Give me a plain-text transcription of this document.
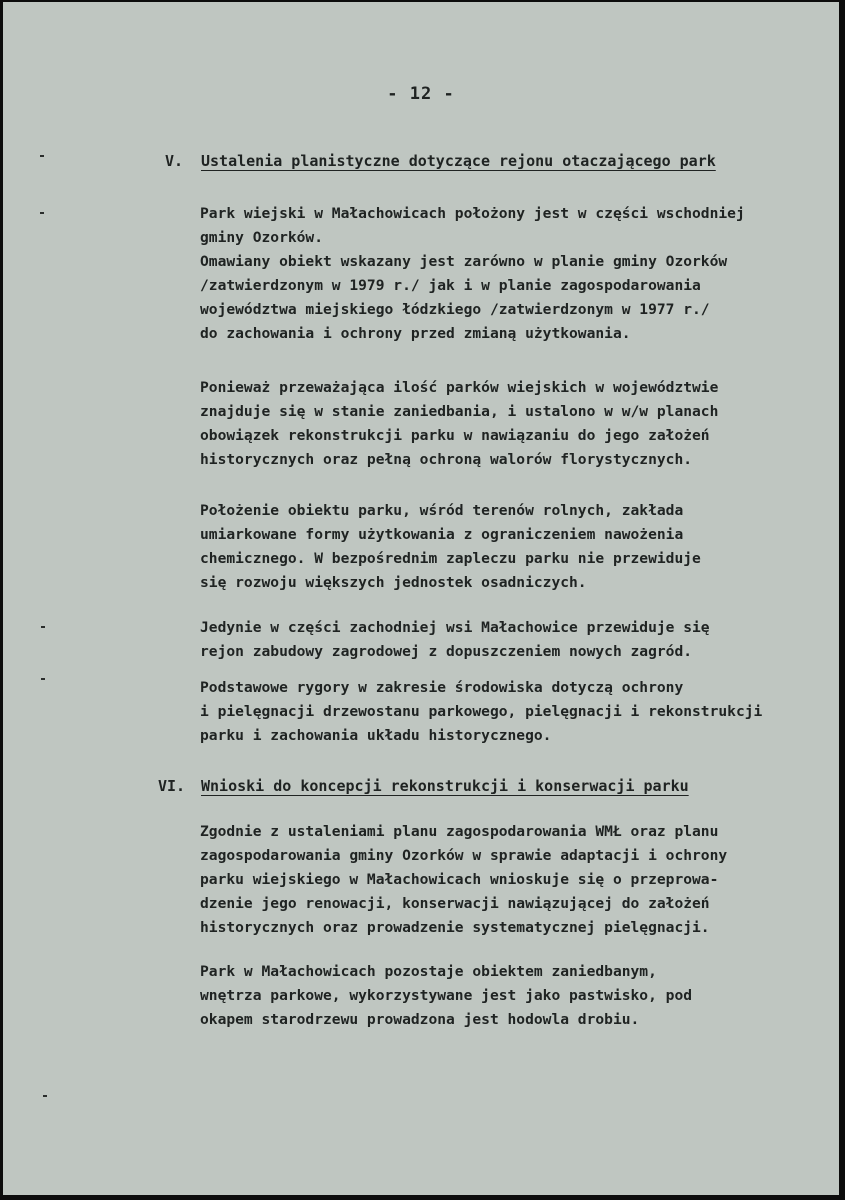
- 12 -
V. Ustalenia planistyczne dotyczące rejonu otaczającego park
Park wiejski w Małachowicach położony jest w części wschodniej
gminy Ozorków.
Omawiany obiekt wskazany jest zarówno w planie gminy Ozorków
/zatwierdzonym w 1979 r./ jak i w planie zagospodarowania
województwa miejskiego łódzkiego /zatwierdzonym w 1977 r./
do zachowania i ochrony przed zmianą użytkowania.
Ponieważ przeważająca ilość parków wiejskich w województwie
znajduje się w stanie zaniedbania, i ustalono w w/w planach
obowiązek rekonstrukcji parku w nawiązaniu do jego założeń
historycznych oraz pełną ochroną walorów florystycznych.
Położenie obiektu parku, wśród terenów rolnych, zakłada
umiarkowane formy użytkowania z ograniczeniem nawożenia
chemicznego. W bezpośrednim zapleczu parku nie przewiduje
się rozwoju większych jednostek osadniczych.
Jedynie w części zachodniej wsi Małachowice przewiduje się
rejon zabudowy zagrodowej z dopuszczeniem nowych zagród.
Podstawowe rygory w zakresie środowiska dotyczą ochrony
i pielęgnacji drzewostanu parkowego, pielęgnacji i rekonstrukcji
parku i zachowania układu historycznego.
VI. Wnioski do koncepcji rekonstrukcji i konserwacji parku
Zgodnie z ustaleniami planu zagospodarowania WMŁ oraz planu
zagospodarowania gminy Ozorków w sprawie adaptacji i ochrony
parku wiejskiego w Małachowicach wnioskuje się o przeprowa-
dzenie jego renowacji, konserwacji nawiązującej do założeń
historycznych oraz prowadzenie systematycznej pielęgnacji.
Park w Małachowicach pozostaje obiektem zaniedbanym,
wnętrza parkowe, wykorzystywane jest jako pastwisko, pod
okapem starodrzewu prowadzona jest hodowla drobiu.
